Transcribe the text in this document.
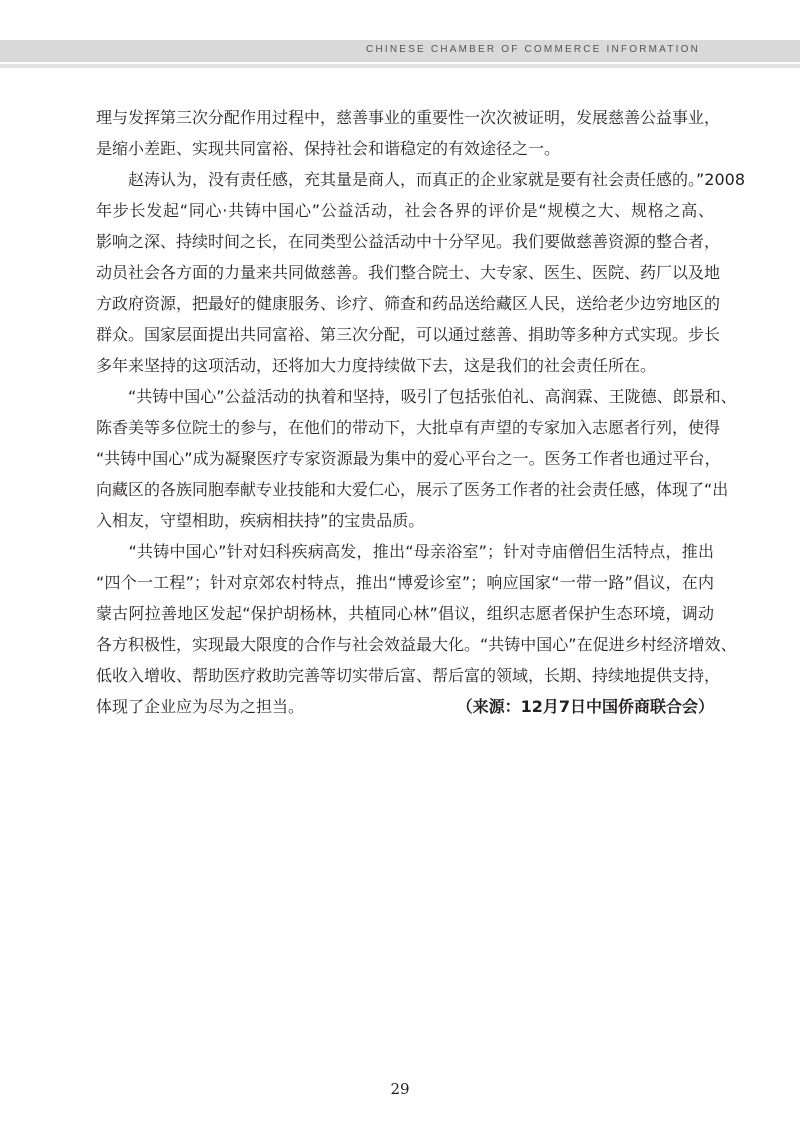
CHINESE CHAMBER OF COMMERCE INFORMATION
理与发挥第三次分配作用过程中，慈善事业的重要性一次次被证明，发展慈善公益事业，
是缩小差距、实现共同富裕、保持社会和谐稳定的有效途径之一。
　　赵涛认为，没有责任感，充其量是商人，而真正的企业家就是要有社会责任感的。”2008
年步长发起“同心·共铸中国心”公益活动，社会各界的评价是“规模之大、规格之高、
影响之深、持续时间之长，在同类型公益活动中十分罕见。我们要做慈善资源的整合者，
动员社会各方面的力量来共同做慈善。我们整合院士、大专家、医生、医院、药厂以及地
方政府资源，把最好的健康服务、诊疗、筛查和药品送给藏区人民，送给老少边穷地区的
群众。国家层面提出共同富裕、第三次分配，可以通过慈善、捐助等多种方式实现。步长
多年来坚持的这项活动，还将加大力度持续做下去，这是我们的社会责任所在。
　　“共铸中国心”公益活动的执着和坚持，吸引了包括张伯礼、高润霖、王陇德、郎景和、
陈香美等多位院士的参与，在他们的带动下，大批卓有声望的专家加入志愿者行列，使得
“共铸中国心”成为凝聚医疗专家资源最为集中的爱心平台之一。医务工作者也通过平台，
向藏区的各族同胞奉献专业技能和大爱仁心，展示了医务工作者的社会责任感，体现了“出
入相友，守望相助，疾病相扶持”的宝贵品质。
　　“共铸中国心”针对妇科疾病高发，推出“母亲浴室”；针对寺庙僧侣生活特点，推出
“四个一工程”；针对京郊农村特点，推出“博爱诊室”；响应国家“一带一路”倡议，在内
蒙古阿拉善地区发起“保护胡杨林，共植同心林”倡议，组织志愿者保护生态环境，调动
各方积极性，实现最大限度的合作与社会效益最大化。“共铸中国心”在促进乡村经济增效、
低收入增收、帮助医疗救助完善等切实带后富、帮后富的领域，长期、持续地提供支持，
体现了企业应为尽为之担当。	（来源：12月7日中国侨商联合会）
29
